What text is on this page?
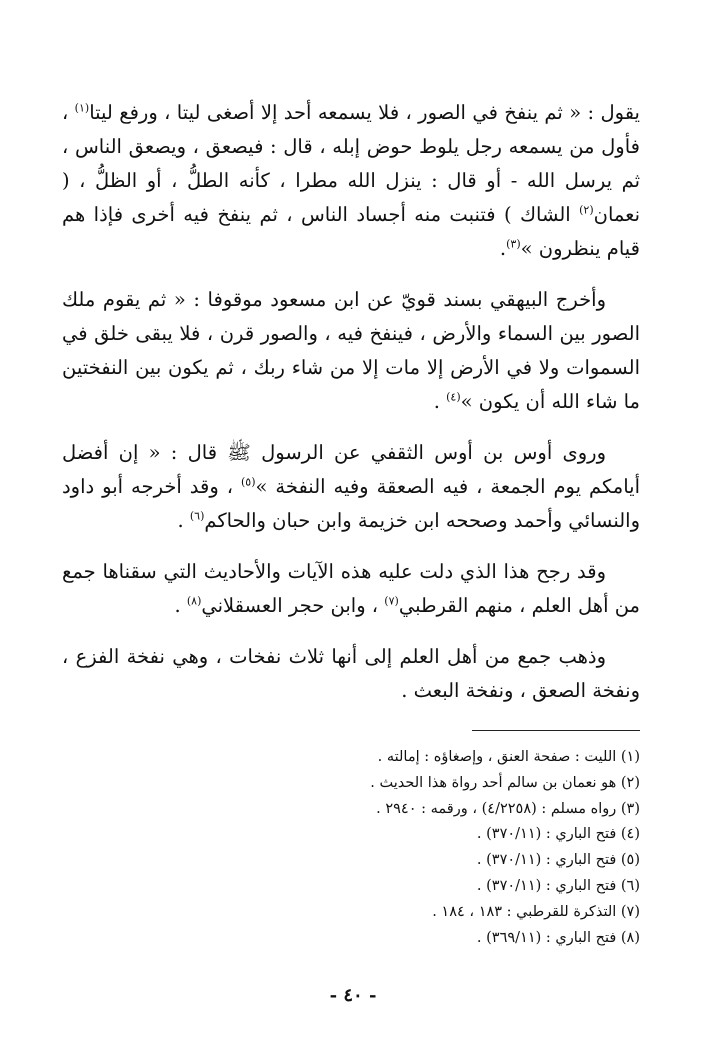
يقول : « ثم ينفخ في الصور ، فلا يسمعه أحد إلا أصغى ليتا ، ورفع ليتا$^{(١)}$ ، فأول من يسمعه رجل يلوط حوض إبله ، قال : فيصعق ، ويصعق الناس ، ثم يرسل الله - أو قال : ينزل الله مطرا ، كأنه الطلُّ ، أو الظلُّ ، ( نعمان$^{(٢)}$ الشاك ) فتنبت منه أجساد الناس ، ثم ينفخ فيه أخرى فإذا هم قيام ينظرون »$^{(٣)}$.

وأخرج البيهقي بسند قويّ عن ابن مسعود موقوفا : « ثم يقوم ملك الصور بين السماء والأرض ، فينفخ فيه ، والصور قرن ، فلا يبقى خلق في السموات ولا في الأرض إلا مات إلا من شاء ربك ، ثم يكون بين النفختين ما شاء الله أن يكون »$^{(٤)}$ .

وروى أوس بن أوس الثقفي عن الرسول ﷺ قال : « إن أفضل أيامكم يوم الجمعة ، فيه الصعقة وفيه النفخة »$^{(٥)}$ ، وقد أخرجه أبو داود والنسائي وأحمد وصححه ابن خزيمة وابن حبان والحاكم$^{(٦)}$ .

وقد رجح هذا الذي دلت عليه هذه الآيات والأحاديث التي سقناها جمع من أهل العلم ، منهم القرطبي$^{(٧)}$ ، وابن حجر العسقلاني$^{(٨)}$ .

وذهب جمع من أهل العلم إلى أنها ثلاث نفخات ، وهي نفخة الفزع ، ونفخة الصعق ، ونفخة البعث .

(١) الليت : صفحة العنق ، وإصغاؤه : إمالته .
(٢) هو نعمان بن سالم أحد رواة هذا الحديث .
(٣) رواه مسلم : (٤/٢٢٥٨) ، ورقمه : ٢٩٤٠ .
(٤) فتح الباري : (٣٧٠/١١) .
(٥) فتح الباري : (٣٧٠/١١) .
(٦) فتح الباري : (٣٧٠/١١) .
(٧) التذكرة للقرطبي : ١٨٣ ، ١٨٤ .
(٨) فتح الباري : (٣٦٩/١١) .
- ٤٠ -
